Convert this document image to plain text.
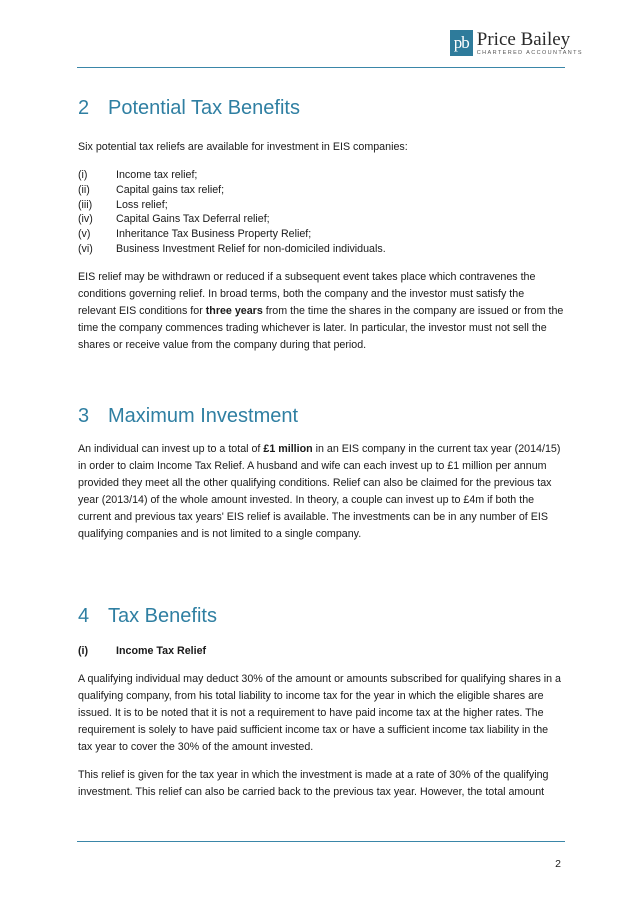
pb Price Bailey
CHARTERED ACCOUNTANTS
2 Potential Tax Benefits

Six potential tax reliefs are available for investment in EIS companies:

(i)	Income tax relief;
(ii)	Capital gains tax relief;
(iii)	Loss relief;
(iv)	Capital Gains Tax Deferral relief;
(v)	Inheritance Tax Business Property Relief;
(vi)	Business Investment Relief for non-domiciled individuals.

EIS relief may be withdrawn or reduced if a subsequent event takes place which contravenes the conditions governing relief. In broad terms, both the company and the investor must satisfy the relevant EIS conditions for three years from the time the shares in the company are issued or from the time the company commences trading whichever is later. In particular, the investor must not sell the shares or receive value from the company during that period.

3 Maximum Investment

An individual can invest up to a total of £1 million in an EIS company in the current tax year (2014/15) in order to claim Income Tax Relief. A husband and wife can each invest up to £1 million per annum provided they meet all the other qualifying conditions. Relief can also be claimed for the previous tax year (2013/14) of the whole amount invested. In theory, a couple can invest up to £4m if both the current and previous tax years' EIS relief is available. The investments can be in any number of EIS qualifying companies and is not limited to a single company.

4 Tax Benefits
(i)	Income Tax Relief

A qualifying individual may deduct 30% of the amount or amounts subscribed for qualifying shares in a qualifying company, from his total liability to income tax for the year in which the eligible shares are issued. It is to be noted that it is not a requirement to have paid income tax at the higher rates. The requirement is solely to have paid sufficient income tax or have a sufficient income tax liability in the tax year to cover the 30% of the amount invested.

This relief is given for the tax year in which the investment is made at a rate of 30% of the qualifying investment. This relief can also be carried back to the previous tax year. However, the total amount

2
